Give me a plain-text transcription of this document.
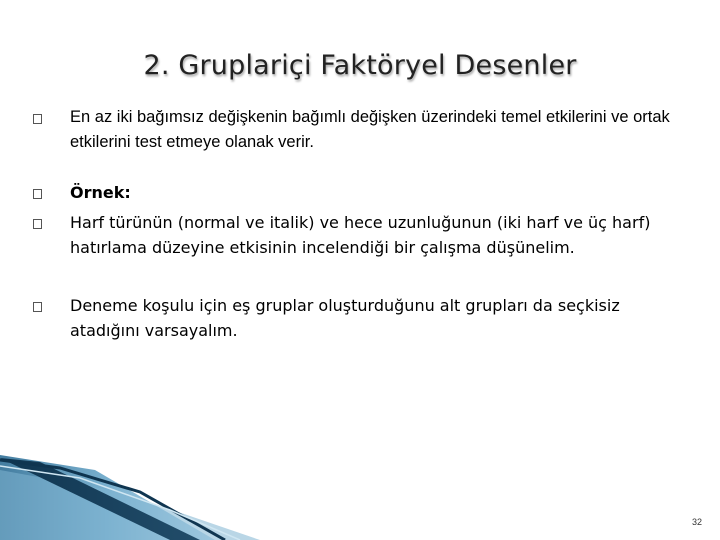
2. Gruplariçi Faktöryel Desenler
En az iki bağımsız değişkenin bağımlı değişken üzerindeki temel etkilerini ve ortak etkilerini test etmeye olanak verir.
Örnek:
Harf türünün (normal ve italik) ve hece uzunluğunun (iki harf ve üç harf) hatırlama düzeyine etkisinin incelendiği bir çalışma düşünelim.
Deneme koşulu için eş gruplar oluşturduğunu alt grupları da seçkisiz atadığını varsayalım.
32
